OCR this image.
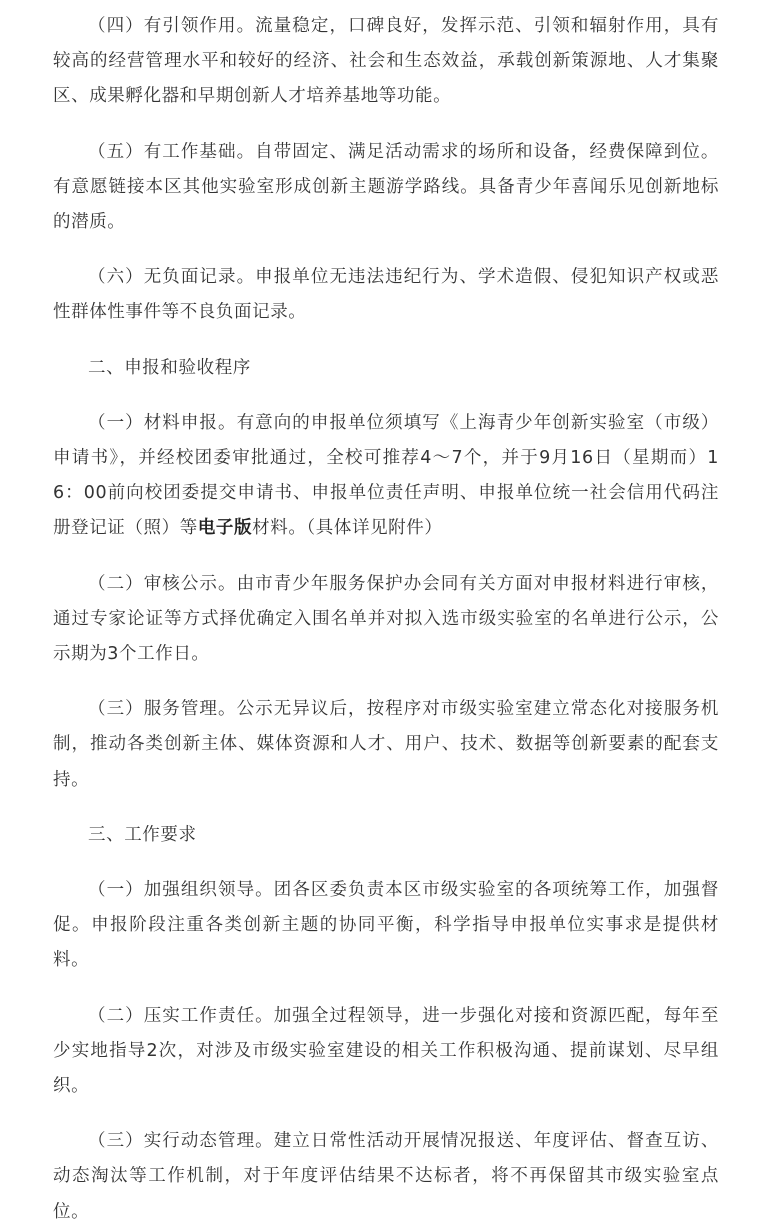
（四）有引领作用。流量稳定，口碑良好，发挥示范、引领和辐射作用，具有较高的经营管理水平和较好的经济、社会和生态效益，承载创新策源地、人才集聚区、成果孵化器和早期创新人才培养基地等功能。

（五）有工作基础。自带固定、满足活动需求的场所和设备，经费保障到位。有意愿链接本区其他实验室形成创新主题游学路线。具备青少年喜闻乐见创新地标的潜质。

（六）无负面记录。申报单位无违法违纪行为、学术造假、侵犯知识产权或恶性群体性事件等不良负面记录。

二、申报和验收程序

（一）材料申报。有意向的申报单位须填写《上海青少年创新实验室（市级）申请书》，并经校团委审批通过，全校可推荐4～7个，并于9月16日（星期而）16：00前向校团委提交申请书、申报单位责任声明、申报单位统一社会信用代码注册登记证（照）等电子版材料。（具体详见附件）

（二）审核公示。由市青少年服务保护办会同有关方面对申报材料进行审核，通过专家论证等方式择优确定入围名单并对拟入选市级实验室的名单进行公示，公示期为3个工作日。

（三）服务管理。公示无异议后，按程序对市级实验室建立常态化对接服务机制，推动各类创新主体、媒体资源和人才、用户、技术、数据等创新要素的配套支持。

三、工作要求

（一）加强组织领导。团各区委负责本区市级实验室的各项统筹工作，加强督促。申报阶段注重各类创新主题的协同平衡，科学指导申报单位实事求是提供材料。

（二）压实工作责任。加强全过程领导，进一步强化对接和资源匹配，每年至少实地指导2次，对涉及市级实验室建设的相关工作积极沟通、提前谋划、尽早组织。

（三）实行动态管理。建立日常性活动开展情况报送、年度评估、督查互访、动态淘汰等工作机制，对于年度评估结果不达标者，将不再保留其市级实验室点位。
